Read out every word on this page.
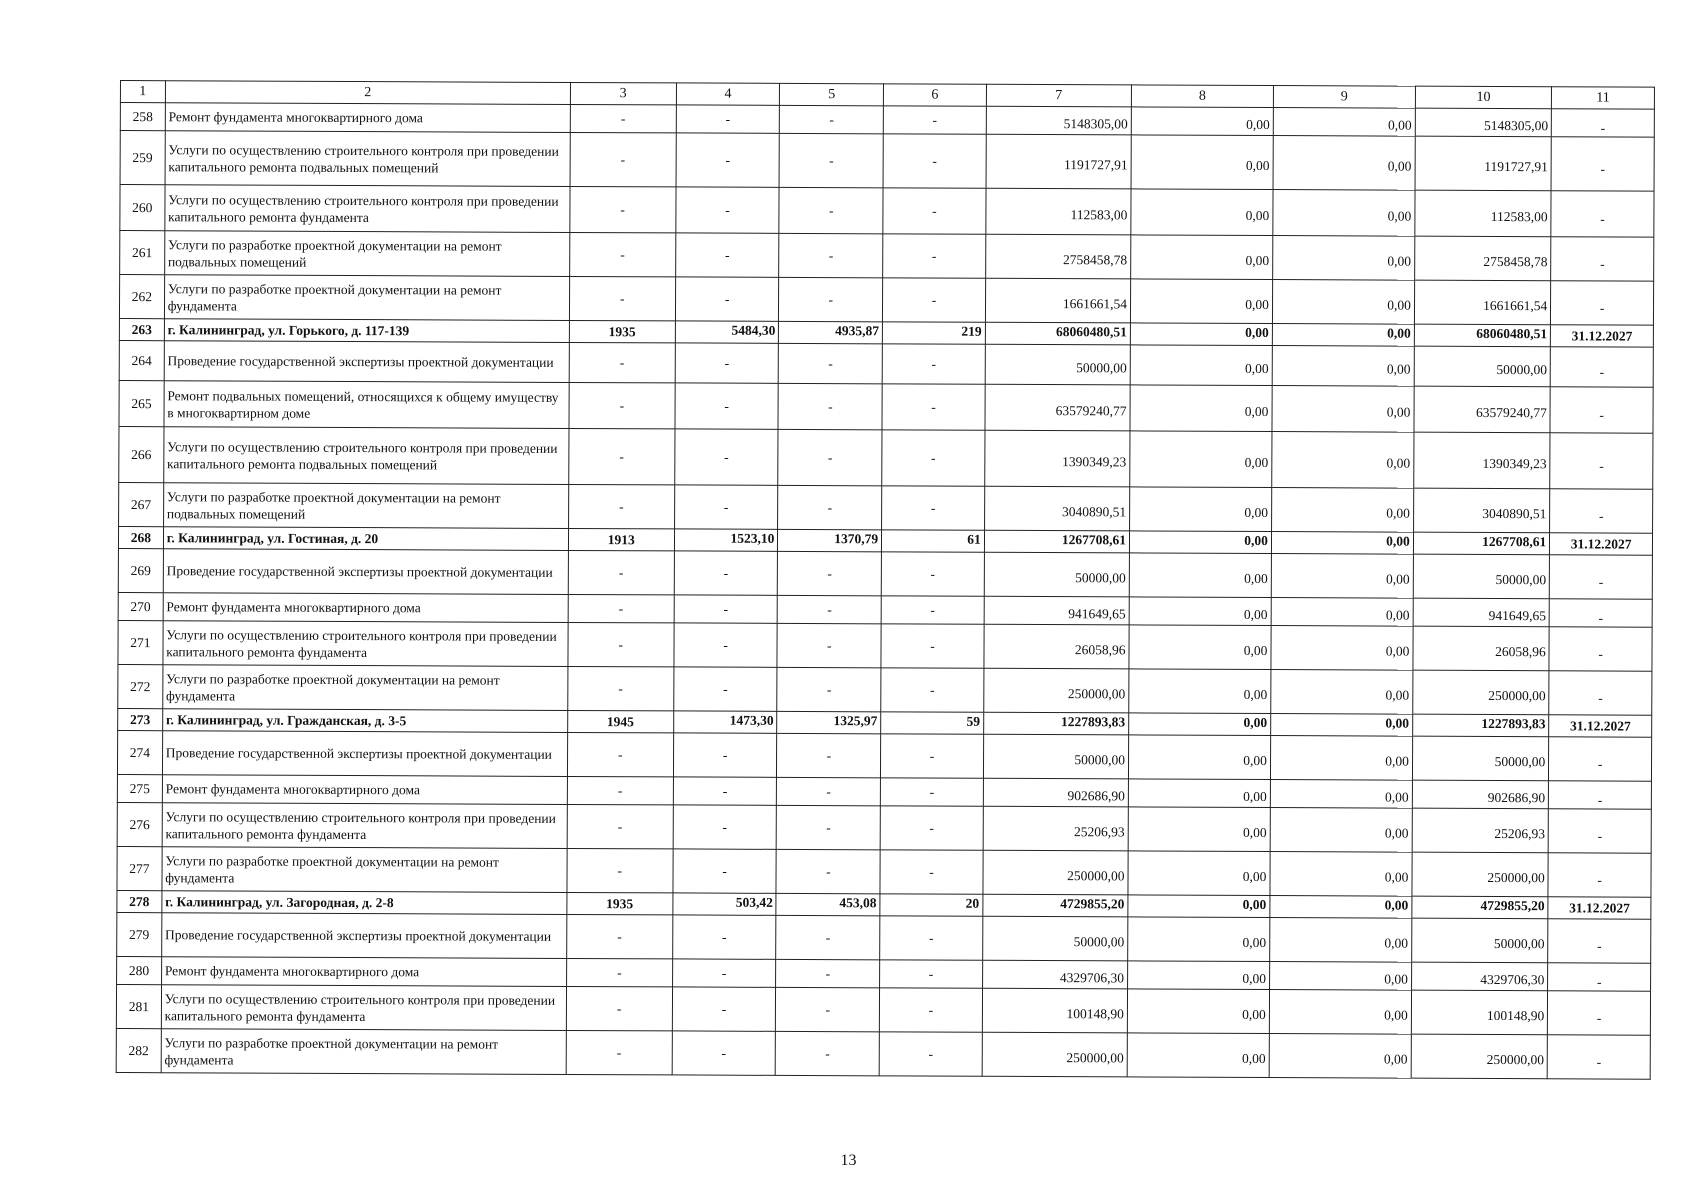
1	2	3	4	5	6	7	8	9	10	11
258	Ремонт фундамента многоквартирного дома	-	-	-	-	5148305,00	0,00	0,00	5148305,00	-
259	Услуги по осуществлению строительного контроля при проведении капитального ремонта подвальных помещений	-	-	-	-	1191727,91	0,00	0,00	1191727,91	-
260	Услуги по осуществлению строительного контроля при проведении капитального ремонта фундамента	-	-	-	-	112583,00	0,00	0,00	112583,00	-
261	Услуги по разработке проектной документации на ремонт подвальных помещений	-	-	-	-	2758458,78	0,00	0,00	2758458,78	-
262	Услуги по разработке проектной документации на ремонт фундамента	-	-	-	-	1661661,54	0,00	0,00	1661661,54	-
263	г. Калининград, ул. Горького, д. 117-139	1935	5484,30	4935,87	219	68060480,51	0,00	0,00	68060480,51	31.12.2027
264	Проведение государственной экспертизы проектной документации	-	-	-	-	50000,00	0,00	0,00	50000,00	-
265	Ремонт подвальных помещений, относящихся к общему имуществу в многоквартирном доме	-	-	-	-	63579240,77	0,00	0,00	63579240,77	-
266	Услуги по осуществлению строительного контроля при проведении капитального ремонта подвальных помещений	-	-	-	-	1390349,23	0,00	0,00	1390349,23	-
267	Услуги по разработке проектной документации на ремонт подвальных помещений	-	-	-	-	3040890,51	0,00	0,00	3040890,51	-
268	г. Калининград, ул. Гостиная, д. 20	1913	1523,10	1370,79	61	1267708,61	0,00	0,00	1267708,61	31.12.2027
269	Проведение государственной экспертизы проектной документации	-	-	-	-	50000,00	0,00	0,00	50000,00	-
270	Ремонт фундамента многоквартирного дома	-	-	-	-	941649,65	0,00	0,00	941649,65	-
271	Услуги по осуществлению строительного контроля при проведении капитального ремонта фундамента	-	-	-	-	26058,96	0,00	0,00	26058,96	-
272	Услуги по разработке проектной документации на ремонт фундамента	-	-	-	-	250000,00	0,00	0,00	250000,00	-
273	г. Калининград, ул. Гражданская, д. 3-5	1945	1473,30	1325,97	59	1227893,83	0,00	0,00	1227893,83	31.12.2027
274	Проведение государственной экспертизы проектной документации	-	-	-	-	50000,00	0,00	0,00	50000,00	-
275	Ремонт фундамента многоквартирного дома	-	-	-	-	902686,90	0,00	0,00	902686,90	-
276	Услуги по осуществлению строительного контроля при проведении капитального ремонта фундамента	-	-	-	-	25206,93	0,00	0,00	25206,93	-
277	Услуги по разработке проектной документации на ремонт фундамента	-	-	-	-	250000,00	0,00	0,00	250000,00	-
278	г. Калининград, ул. Загородная, д. 2-8	1935	503,42	453,08	20	4729855,20	0,00	0,00	4729855,20	31.12.2027
279	Проведение государственной экспертизы проектной документации	-	-	-	-	50000,00	0,00	0,00	50000,00	-
280	Ремонт фундамента многоквартирного дома	-	-	-	-	4329706,30	0,00	0,00	4329706,30	-
281	Услуги по осуществлению строительного контроля при проведении капитального ремонта фундамента	-	-	-	-	100148,90	0,00	0,00	100148,90	-
282	Услуги по разработке проектной документации на ремонт фундамента	-	-	-	-	250000,00	0,00	0,00	250000,00	-
13
